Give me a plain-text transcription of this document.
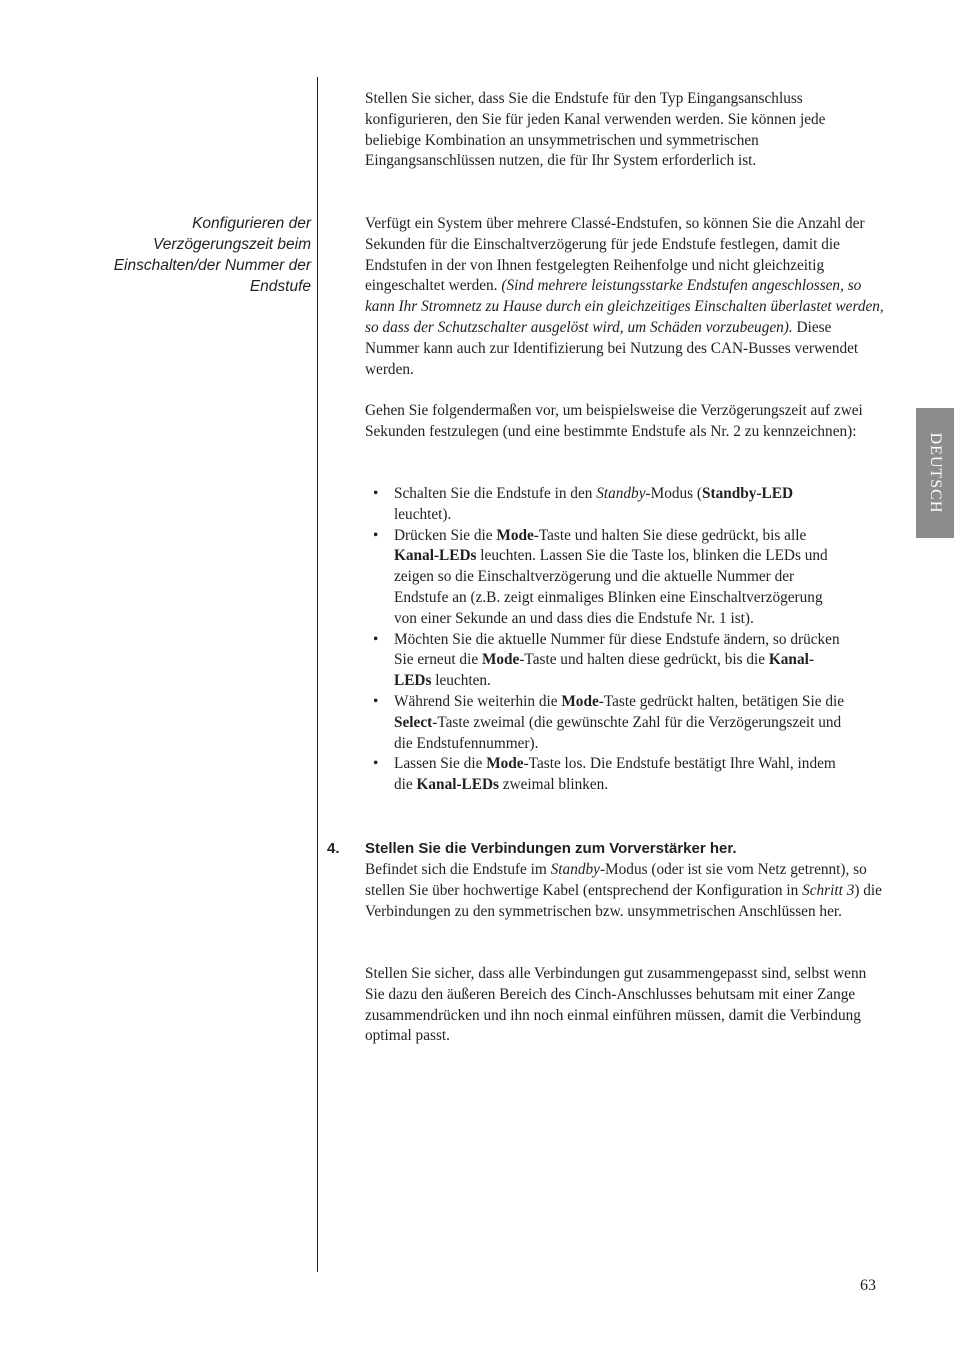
Konfigurieren der Verzögerungszeit beim Einschalten/der Nummer der Endstufe

Stellen Sie sicher, dass Sie die Endstufe für den Typ Eingangsanschluss konfigurieren, den Sie für jeden Kanal verwenden werden. Sie können jede beliebige Kombination an unsymmetrischen und symmetrischen Eingangsanschlüssen nutzen, die für Ihr System erforderlich ist.

Verfügt ein System über mehrere Classé-Endstufen, so können Sie die Anzahl der Sekunden für die Einschaltverzögerung für jede Endstufe festlegen, damit die Endstufen in der von Ihnen festgelegten Reihenfolge und nicht gleichzeitig eingeschaltet werden. (Sind mehrere leistungsstarke Endstufen angeschlossen, so kann Ihr Stromnetz zu Hause durch ein gleichzeitiges Einschalten überlastet werden, so dass der Schutzschalter ausgelöst wird, um Schäden vorzubeugen). Diese Nummer kann auch zur Identifizierung bei Nutzung des CAN-Busses verwendet werden.

Gehen Sie folgendermaßen vor, um beispielsweise die Verzögerungszeit auf zwei Sekunden festzulegen (und eine bestimmte Endstufe als Nr. 2 zu kennzeichnen):

• Schalten Sie die Endstufe in den Standby-Modus (Standby-LED leuchtet).
• Drücken Sie die Mode-Taste und halten Sie diese gedrückt, bis alle Kanal-LEDs leuchten. Lassen Sie die Taste los, blinken die LEDs und zeigen so die Einschaltverzögerung und die aktuelle Nummer der Endstufe an (z.B. zeigt einmaliges Blinken eine Einschaltverzögerung von einer Sekunde an und dass dies die Endstufe Nr. 1 ist).
• Möchten Sie die aktuelle Nummer für diese Endstufe ändern, so drücken Sie erneut die Mode-Taste und halten diese gedrückt, bis die Kanal-LEDs leuchten.
• Während Sie weiterhin die Mode-Taste gedrückt halten, betätigen Sie die Select-Taste zweimal (die gewünschte Zahl für die Verzögerungszeit und die Endstufennummer).
• Lassen Sie die Mode-Taste los. Die Endstufe bestätigt Ihre Wahl, indem die Kanal-LEDs zweimal blinken.
4. Stellen Sie die Verbindungen zum Vorverstärker her.

Befindet sich die Endstufe im Standby-Modus (oder ist sie vom Netz getrennt), so stellen Sie über hochwertige Kabel (entsprechend der Konfiguration in Schritt 3) die Verbindungen zu den symmetrischen bzw. unsymmetrischen Anschlüssen her.

Stellen Sie sicher, dass alle Verbindungen gut zusammengepasst sind, selbst wenn Sie dazu den äußeren Bereich des Cinch-Anschlusses behutsam mit einer Zange zusammendrücken und ihn noch einmal einführen müssen, damit die Verbindung optimal passt.

DEUTSCH
63
